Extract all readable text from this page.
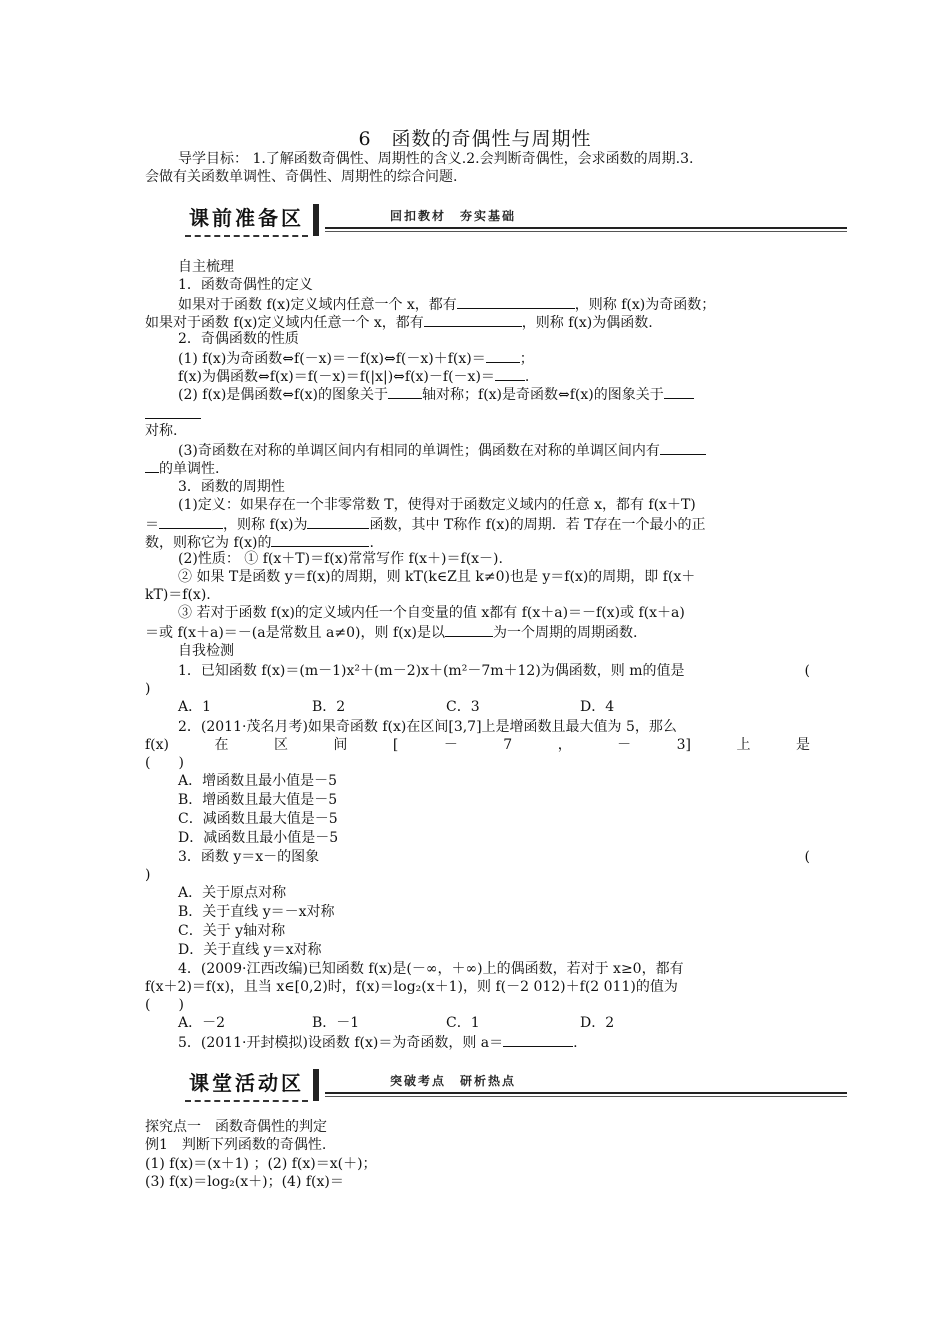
6　函数的奇偶性与周期性
导学目标： 1.了解函数奇偶性、周期性的含义.2.会判断奇偶性，会求函数的周期.3.
会做有关函数单调性、奇偶性、周期性的综合问题.
课前准备区	回扣教材　夯实基础
自主梳理
1．函数奇偶性的定义
如果对于函数 f(x)定义域内任意一个 x，都有	，则称 f(x)为奇函数；
如果对于函数 f(x)定义域内任意一个 x，都有	，则称 f(x)为偶函数.
2．奇偶函数的性质
(1) f(x)为奇函数⇔f(－x)＝－f(x)⇔f(－x)＋f(x)＝ ；
f(x)为偶函数⇔f(x)＝f(－x)＝f(|x|)⇔f(x)－f(－x)＝ .
(2) f(x)是偶函数⇔f(x)的图象关于 轴对称；f(x)是奇函数⇔f(x)的图象关于
对称.
(3)奇函数在对称的单调区间内有相同的单调性；偶函数在对称的单调区间内有
的单调性.
3．函数的周期性
(1)定义：如果存在一个非零常数 T，使得对于函数定义域内的任意 x，都有 f(x＋T)
＝	，则称 f(x)为	函数，其中 T称作 f(x)的周期．若 T存在一个最小的正
数，则称它为 f(x)的	.
(2)性质： ① f(x＋T)＝f(x)常常写作 f(x＋)＝f(x－).
② 如果 T是函数 y＝f(x)的周期，则 kT(k∈Z且 k≠0)也是 y＝f(x)的周期，即 f(x＋
kT)＝f(x).
③ 若对于函数 f(x)的定义域内任一个自变量的值 x都有 f(x＋a)＝－f(x)或 f(x＋a)
＝或 f(x＋a)＝－(a是常数且 a≠0)，则 f(x)是以	为一个周期的周期函数.
自我检测
1．已知函数 f(x)＝(m－1)x²＋(m－2)x＋(m²－7m＋12)为偶函数，则 m的值是	(
)
A．1	B．2	C．3	D．4
2．(2011·茂名月考)如果奇函数 f(x)在区间[3,7]上是增函数且最大值为 5，那么
f(x)	在	区	间	[	－	7	，	－	3]	上	是
(　　)
A．增函数且最小值是－5
B．增函数且最大值是－5
C．减函数且最大值是－5
D．减函数且最小值是－5
3．函数 y＝x－的图象	(
)
A．关于原点对称
B．关于直线 y＝－x对称
C．关于 y轴对称
D．关于直线 y＝x对称
4．(2009·江西改编)已知函数 f(x)是(－∞，＋∞)上的偶函数，若对于 x≥0，都有
f(x＋2)＝f(x)，且当 x∈[0,2)时，f(x)＝log₂(x＋1)，则 f(－2 012)＋f(2 011)的值为
(　　)
A．－2	B．－1	C．1	D．2
5．(2011·开封模拟)设函数 f(x)＝为奇函数，则 a＝	.
课堂活动区	突破考点　研析热点
探究点一　函数奇偶性的判定
例1　判断下列函数的奇偶性.
(1) f(x)＝(x＋1) ；(2) f(x)＝x(＋)；
(3) f(x)＝log₂(x＋)；(4) f(x)＝
